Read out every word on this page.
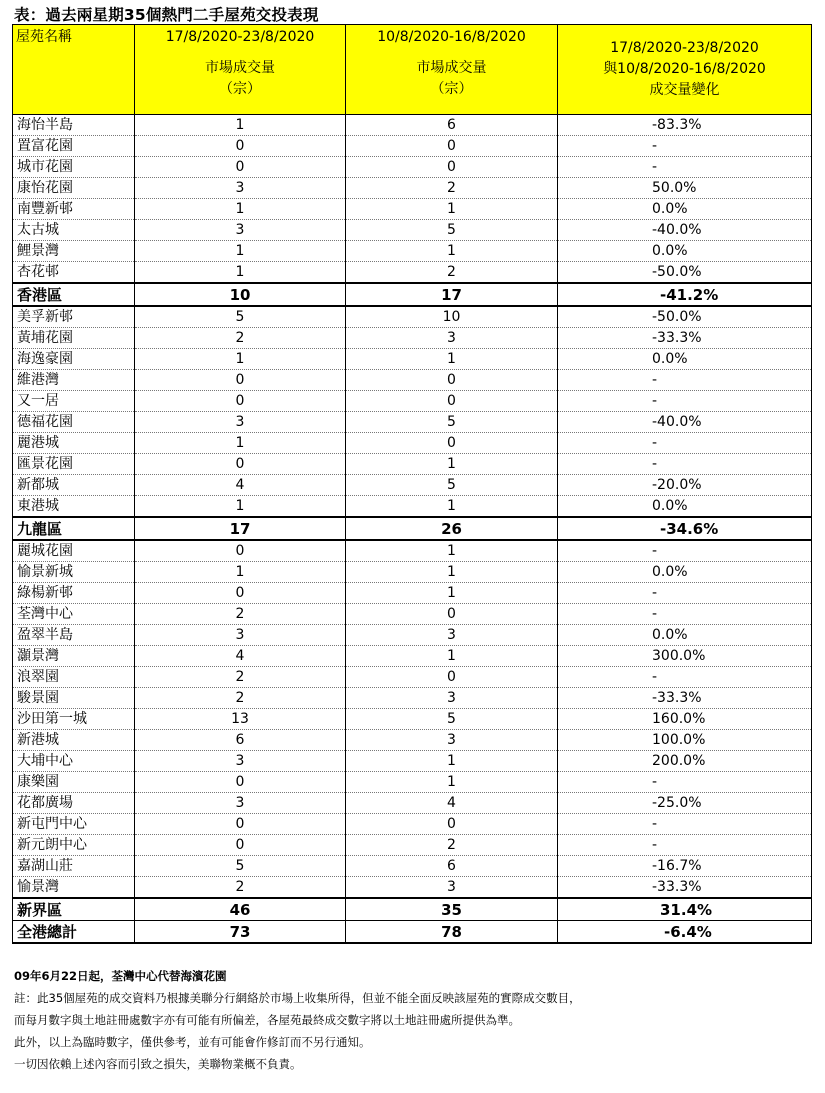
表：過去兩星期35個熱門二手屋苑交投表現
屋苑名稱	17/8/2020-23/8/2020
市場成交量
（宗）	10/8/2020-16/8/2020
市場成交量
（宗）	17/8/2020-23/8/2020
與10/8/2020-16/8/2020
成交量變化
海怡半島	1	6	-83.3%
置富花園	0	0	-
城市花園	0	0	-
康怡花園	3	2	50.0%
南豐新邨	1	1	0.0%
太古城	3	5	-40.0%
鯉景灣	1	1	0.0%
杏花邨	1	2	-50.0%
香港區	10	17	-41.2%
美孚新邨	5	10	-50.0%
黃埔花園	2	3	-33.3%
海逸豪園	1	1	0.0%
維港灣	0	0	-
又一居	0	0	-
德福花園	3	5	-40.0%
麗港城	1	0	-
匯景花園	0	1	-
新都城	4	5	-20.0%
東港城	1	1	0.0%
九龍區	17	26	-34.6%
麗城花園	0	1	-
愉景新城	1	1	0.0%
綠楊新邨	0	1	-
荃灣中心	2	0	-
盈翠半島	3	3	0.0%
灝景灣	4	1	300.0%
浪翠園	2	0	-
駿景園	2	3	-33.3%
沙田第一城	13	5	160.0%
新港城	6	3	100.0%
大埔中心	3	1	200.0%
康樂園	0	1	-
花都廣場	3	4	-25.0%
新屯門中心	0	0	-
新元朗中心	0	2	-
嘉湖山莊	5	6	-16.7%
愉景灣	2	3	-33.3%
新界區	46	35	31.4%
全港總計	73	78	-6.4%
09年6月22日起，荃灣中心代替海濱花園
註：此35個屋苑的成交資料乃根據美聯分行網絡於市場上收集所得，但並不能全面反映該屋苑的實際成交數目，
而每月數字與土地註冊處數字亦有可能有所偏差，各屋苑最終成交數字將以土地註冊處所提供為準。
此外，以上為臨時數字，僅供參考，並有可能會作修訂而不另行通知。
一切因依賴上述內容而引致之損失，美聯物業概不負責。
